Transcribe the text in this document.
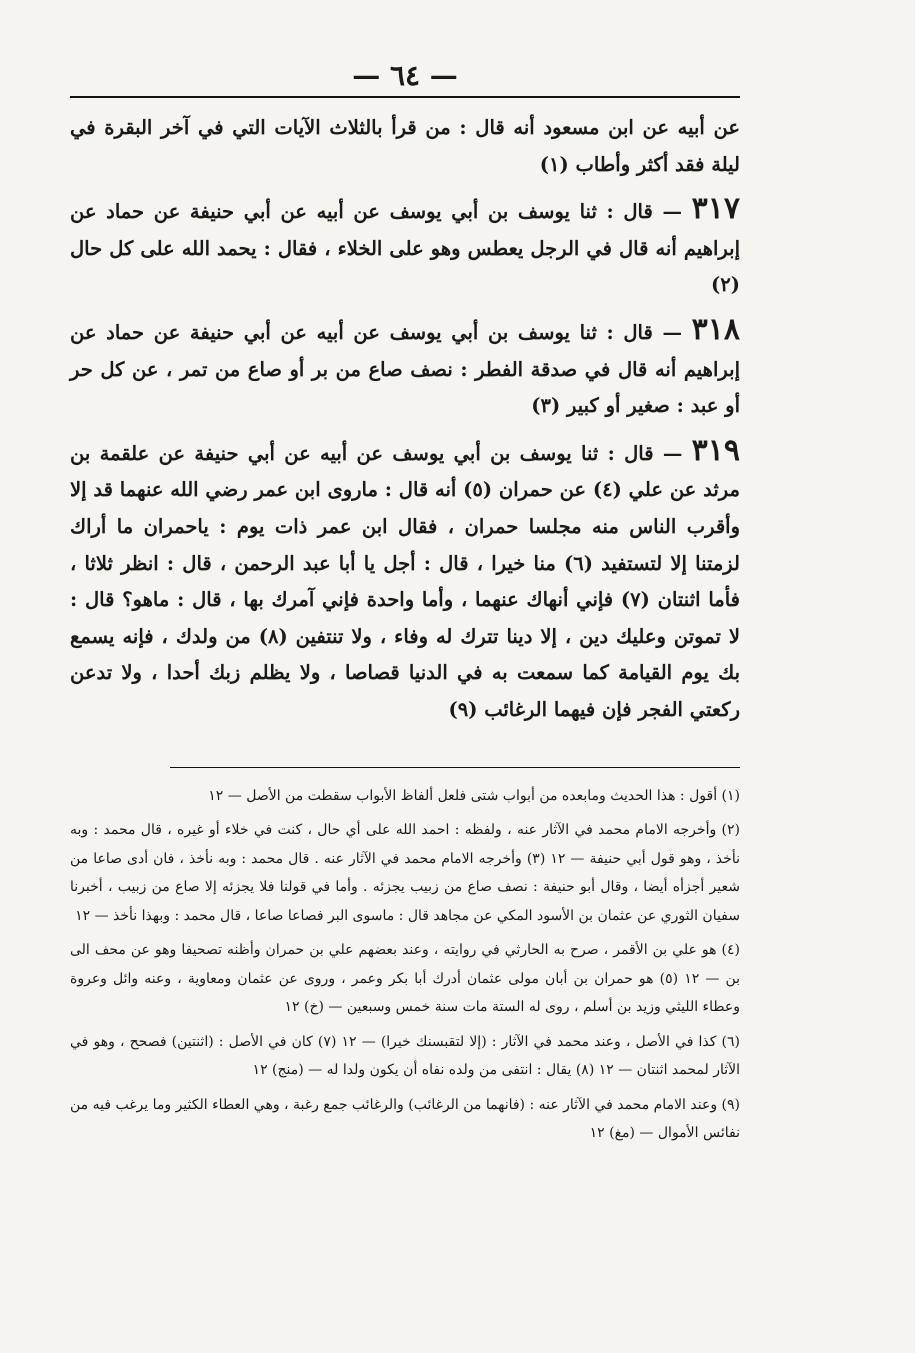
— ٦٤ —

عن أبيه عن ابن مسعود أنه قال : من قرأ بالثلاث الآيات التي في آخر البقرة في ليلة فقد أكثر وأطاب (١)

٣١٧ — قال : ثنا يوسف بن أبي يوسف عن أبيه عن أبي حنيفة عن حماد عن إبراهيم أنه قال في الرجل يعطس وهو على الخلاء ، فقال : يحمد الله على كل حال (٢)

٣١٨ — قال : ثنا يوسف بن أبي يوسف عن أبيه عن أبي حنيفة عن حماد عن إبراهيم أنه قال في صدقة الفطر : نصف صاع من بر أو صاع من تمر ، عن كل حر أو عبد : صغير أو كبير (٣)

٣١٩ — قال : ثنا يوسف بن أبي يوسف عن أبيه عن أبي حنيفة عن علقمة بن مرثد عن علي (٤) عن حمران (٥) أنه قال : ماروى ابن عمر رضي الله عنهما قد إلا وأقرب الناس منه مجلسا حمران ، فقال ابن عمر ذات يوم : ياحمران ما أراك لزمتنا إلا لتستفيد (٦) منا خيرا ، قال : أجل يا أبا عبد الرحمن ، قال : انظر ثلاثا ، فأما اثنتان (٧) فإني أنهاك عنهما ، وأما واحدة فإني آمرك بها ، قال : ماهو؟ قال : لا تموتن وعليك دين ، إلا دينا تترك له وفاء ، ولا تنتفين (٨) من ولدك ، فإنه يسمع بك يوم القيامة كما سمعت به في الدنيا قصاصا ، ولا يظلم زبك أحدا ، ولا تدعن ركعتي الفجر فإن فيهما الرغائب (٩)

(١) أقول : هذا الحديث ومابعده من أبواب شتى فلعل ألفاظ الأبواب سقطت من الأصل — ١٢

(٢) وأخرجه الامام محمد في الآثار عنه ، ولفظه : احمد الله على أي حال ، كنت في خلاء أو غيره ، قال محمد : وبه نأخذ ، وهو قول أبي حنيفة — ١٢ (٣) وأخرجه الامام محمد في الآثار عنه . قال محمد : وبه نأخذ ، فان أدى صاعا من شعير أجزأه أيضا ، وقال أبو حنيفة : نصف صاع من زبيب يجزئه . وأما في قولنا فلا يجزئه إلا صاع من زبيب ، أخبرنا سفيان الثوري عن عثمان بن الأسود المكي عن مجاهد قال : ماسوى البر فصاعا صاعا ، قال محمد : وبهذا نأخذ — ١٢

(٤) هو علي بن الأقمر ، صرح به الحارثي في روايته ، وعند بعضهم علي بن حمران وأظنه تصحيفا وهو عن محف الى بن — ١٢ (٥) هو حمران بن أبان مولى عثمان أدرك أبا بكر وعمر ، وروى عن عثمان ومعاوية ، وعنه وائل وعروة وعطاء الليثي وزيد بن أسلم ، روى له الستة مات سنة خمس وسبعين — (خ) ١٢

(٦) كذا في الأصل ، وعند محمد في الآثار : (إلا لتقبسنك خيرا) — ١٢ (٧) كان في الأصل : (اثنتين) فصحح ، وهو في الآثار لمحمد اثنتان — ١٢ (٨) يقال : انتفى من ولده نفاه أن يكون ولدا له — (منج) ١٢

(٩) وعند الامام محمد في الآثار عنه : (فانهما من الرغائب) والرغائب جمع رغبة ، وهي العطاء الكثير وما يرغب فيه من نفائس الأموال — (مغ) ١٢
